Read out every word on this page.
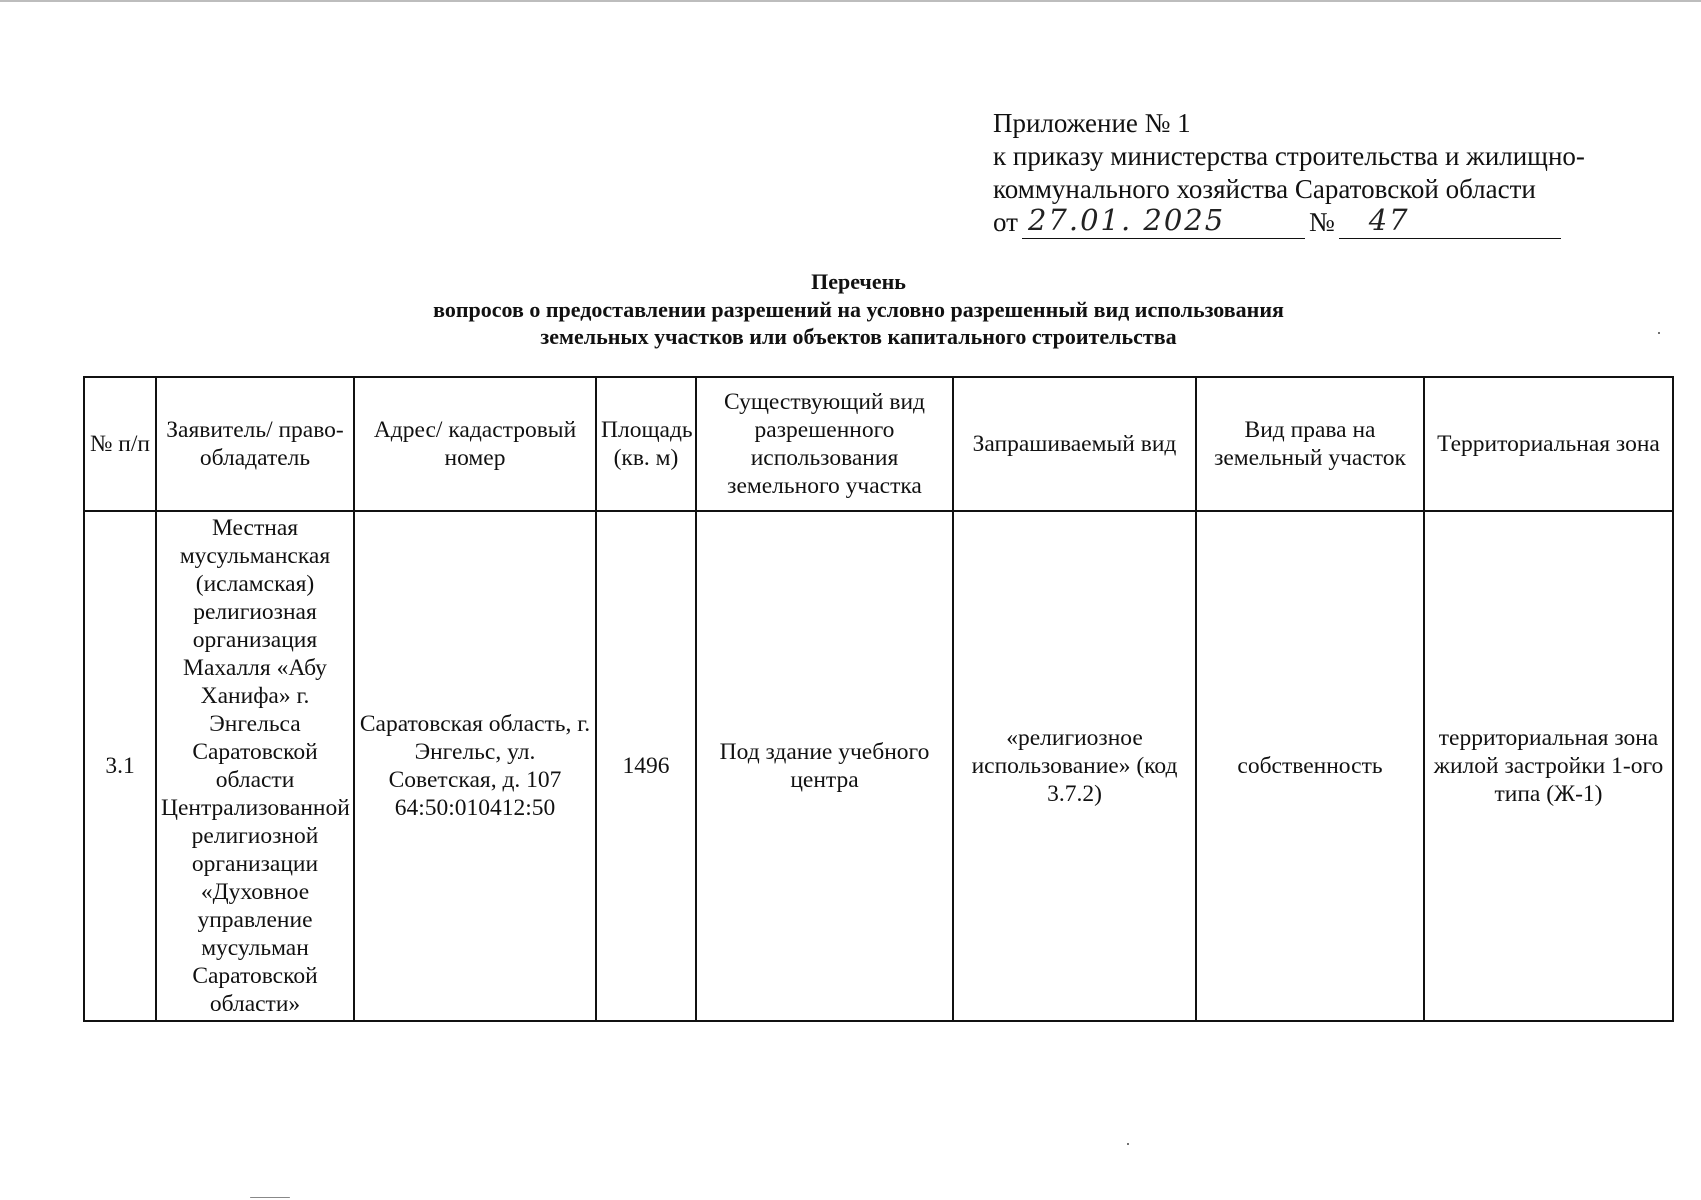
Приложение № 1
к приказу министерства строительства и жилищно-
коммунального хозяйства Саратовской области
от 27.01. 2025	№ 47
Перечень
вопросов о предоставлении разрешений на условно разрешенный вид использования
земельных участков или объектов капитального строительства
№ п/п	Заявитель/ право-обладатель	Адрес/ кадастровый номер	Площадь (кв. м)	Существующий вид разрешенного использования земельного участка	Запрашиваемый вид	Вид права на земельный участок	Территориальная зона
3.1	Местная мусульманская (исламская) религиозная организация Махалля «Абу Ханифа» г. Энгельса Саратовской области Централизованной религиозной организации «Духовное управление мусульман Саратовской области»	Саратовская область, г. Энгельс, ул. Советская, д. 107 64:50:010412:50	1496	Под здание учебного центра	«религиозное использование» (код 3.7.2)	собственность	территориальная зона жилой застройки 1-ого типа (Ж-1)
